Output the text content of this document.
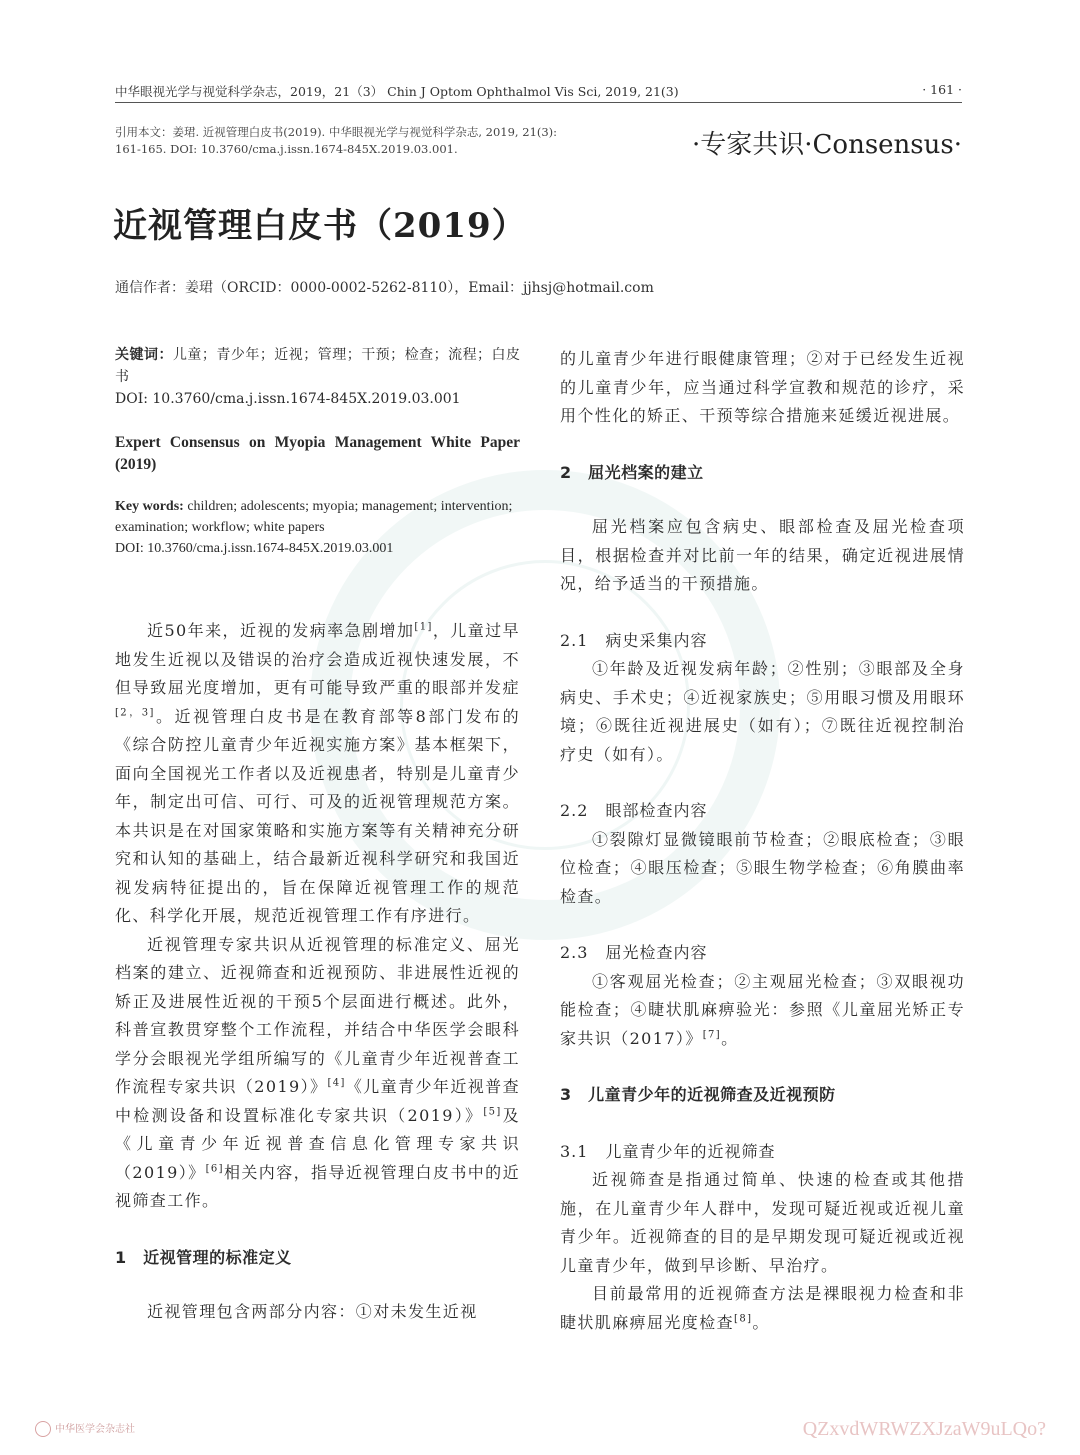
中华眼视光学与视觉科学杂志，2019，21（3） Chin J Optom Ophthalmol Vis Sci, 2019, 21(3)	· 161 ·
引用本文：姜珺. 近视管理白皮书(2019). 中华眼视光学与视觉科学杂志, 2019, 21(3):
161-165. DOI: 10.3760/cma.j.issn.1674-845X.2019.03.001.	·专家共识·Consensus·
近视管理白皮书（2019）
通信作者：姜珺（ORCID：0000-0002-5262-8110），Email：jjhsj@hotmail.com
关键词：儿童；青少年；近视；管理；干预；检查；流程；白皮书
DOI: 10.3760/cma.j.issn.1674-845X.2019.03.001
Expert Consensus on Myopia Management White Paper (2019)
Key words: children; adolescents; myopia; management; intervention; examination; workflow; white papers
DOI: 10.3760/cma.j.issn.1674-845X.2019.03.001

近50年来，近视的发病率急剧增加[1]，儿童过早地发生近视以及错误的治疗会造成近视快速发展，不但导致屈光度增加，更有可能导致严重的眼部并发症[2，3]。近视管理白皮书是在教育部等8部门发布的《综合防控儿童青少年近视实施方案》基本框架下，面向全国视光工作者以及近视患者，特别是儿童青少年，制定出可信、可行、可及的近视管理规范方案。本共识是在对国家策略和实施方案等有关精神充分研究和认知的基础上，结合最新近视科学研究和我国近视发病特征提出的，旨在保障近视管理工作的规范化、科学化开展，规范近视管理工作有序进行。

近视管理专家共识从近视管理的标准定义、屈光档案的建立、近视筛查和近视预防、非进展性近视的矫正及进展性近视的干预5个层面进行概述。此外，科普宣教贯穿整个工作流程，并结合中华医学会眼科学分会眼视光学组所编写的《儿童青少年近视普查工作流程专家共识（2019）》[4]《儿童青少年近视普查中检测设备和设置标准化专家共识（2019）》[5]及《儿童青少年近视普查信息化管理专家共识（2019）》[6]相关内容，指导近视管理白皮书中的近视筛查工作。

1　近视管理的标准定义

近视管理包含两部分内容：①对未发生近视

的儿童青少年进行眼健康管理；②对于已经发生近视的儿童青少年，应当通过科学宣教和规范的诊疗，采用个性化的矫正、干预等综合措施来延缓近视进展。

2　屈光档案的建立

屈光档案应包含病史、眼部检查及屈光检查项目，根据检查并对比前一年的结果，确定近视进展情况，给予适当的干预措施。

2.1　病史采集内容

①年龄及近视发病年龄；②性别；③眼部及全身病史、手术史；④近视家族史；⑤用眼习惯及用眼环境；⑥既往近视进展史（如有）；⑦既往近视控制治疗史（如有）。

2.2　眼部检查内容

①裂隙灯显微镜眼前节检查；②眼底检查；③眼位检查；④眼压检查；⑤眼生物学检查；⑥角膜曲率检查。

2.3　屈光检查内容

①客观屈光检查；②主观屈光检查；③双眼视功能检查；④睫状肌麻痹验光：参照《儿童屈光矫正专家共识（2017）》[7]。

3　儿童青少年的近视筛查及近视预防
3.1　儿童青少年的近视筛查

近视筛查是指通过简单、快速的检查或其他措施，在儿童青少年人群中，发现可疑近视或近视儿童青少年。近视筛查的目的是早期发现可疑近视或近视儿童青少年，做到早诊断、早治疗。

目前最常用的近视筛查方法是裸眼视力检查和非睫状肌麻痹屈光度检查[8]。

中华医学会杂志社	QZxvdWRWZXJzaW9uLQo?
